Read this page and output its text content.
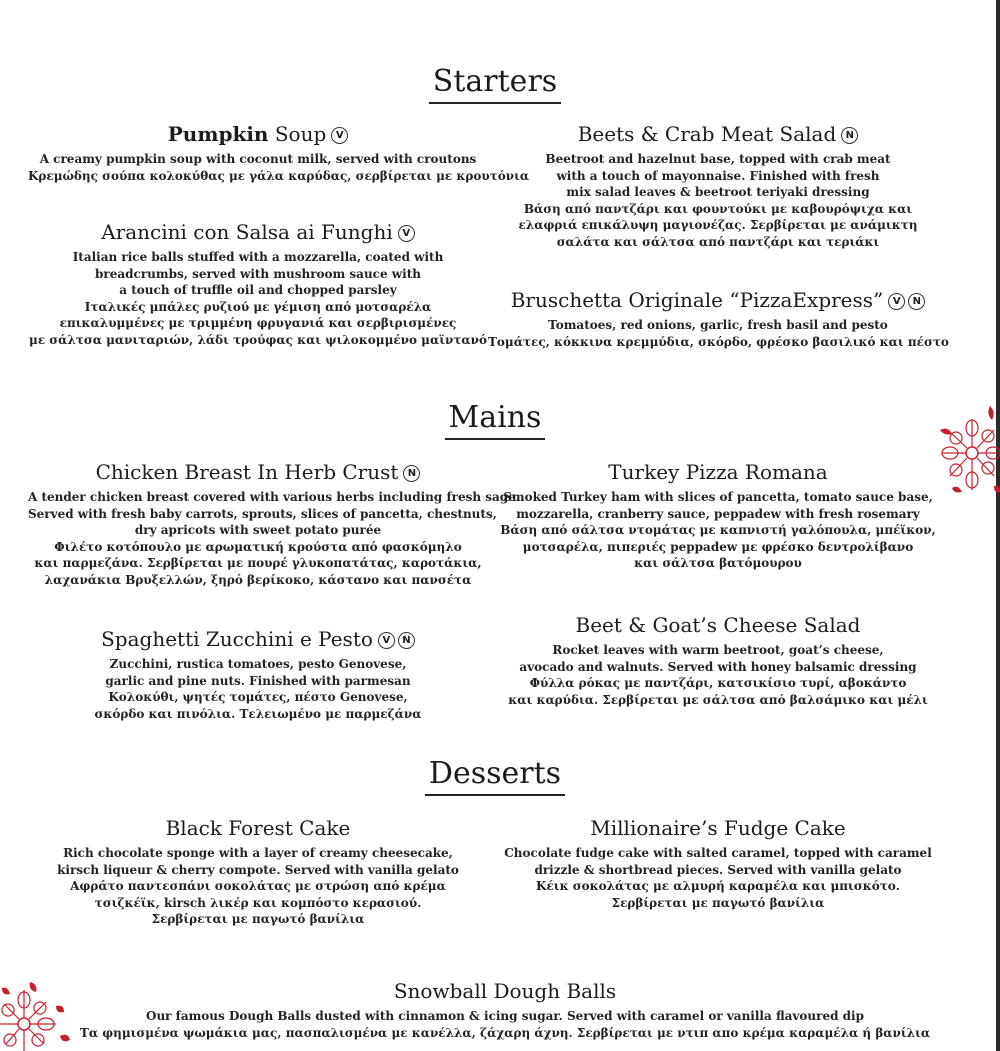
Starters
Pumpkin Soup V
A creamy pumpkin soup with coconut milk, served with croutons
Κρεμώδης σούπα κολοκύθας με γάλα καρύδας, σερβίρεται με κρουτόνια
Beets & Crab Meat Salad N
Beetroot and hazelnut base, topped with crab meat
with a touch of mayonnaise. Finished with fresh
mix salad leaves & beetroot teriyaki dressing
Βάση από παντζάρι και φουντούκι με καβουρόψιχα και
ελαφριά επικάλυψη μαγιονέζας. Σερβίρεται με ανάμικτη
σαλάτα και σάλτσα από παντζάρι και τεριάκι
Arancini con Salsa ai Funghi V
Italian rice balls stuffed with a mozzarella, coated with
breadcrumbs, served with mushroom sauce with
a touch of truffle oil and chopped parsley
Ιταλικές μπάλες ρυζιού με γέμιση από μοτσαρέλα
επικαλυμμένες με τριμμένη φρυγανιά και σερβιρισμένες
με σάλτσα μανιταριών, λάδι τρούφας και ψιλοκομμένο μαϊντανό
Bruschetta Originale “PizzaExpress” V N
Tomatoes, red onions, garlic, fresh basil and pesto
Τομάτες, κόκκινα κρεμμύδια, σκόρδο, φρέσκο βασιλικό και πέστο
Mains
Chicken Breast In Herb Crust N
A tender chicken breast covered with various herbs including fresh sage.
Served with fresh baby carrots, sprouts, slices of pancetta, chestnuts,
dry apricots with sweet potato purée
Φιλέτο κοτόπουλο με αρωματική κρούστα από φασκόμηλο
και παρμεζάνα. Σερβίρεται με πουρέ γλυκοπατάτας, καροτάκια,
λαχανάκια Βρυξελλών, ξηρό βερίκοκο, κάστανο και πανσέτα
Turkey Pizza Romana
Smoked Turkey ham with slices of pancetta, tomato sauce base,
mozzarella, cranberry sauce, peppadew with fresh rosemary
Βάση από σάλτσα ντομάτας με καπνιστή γαλόπουλα, μπέϊκον,
μοτσαρέλα, πιπεριές peppadew με φρέσκο δεντρολίβανο
και σάλτσα βατόμουρου
Spaghetti Zucchini e Pesto V N
Zucchini, rustica tomatoes, pesto Genovese,
garlic and pine nuts. Finished with parmesan
Κολοκύθι, ψητές τομάτες, πέστο Genovese,
σκόρδο και πινόλια. Τελειωμένο με παρμεζάνα
Beet & Goat’s Cheese Salad
Rocket leaves with warm beetroot, goat’s cheese,
avocado and walnuts. Served with honey balsamic dressing
Φύλλα ρόκας με παντζάρι, κατσικίσιο τυρί, αβοκάντο
και καρύδια. Σερβίρεται με σάλτσα από βαλσάμικο και μέλι
Desserts
Black Forest Cake
Rich chocolate sponge with a layer of creamy cheesecake,
kirsch liqueur & cherry compote. Served with vanilla gelato
Αφράτο παντεσπάνι σοκολάτας με στρώση από κρέμα
τσιζκέϊκ, kirsch λικέρ και κομπόστο κερασιού.
Σερβίρεται με παγωτό βανίλια
Millionaire’s Fudge Cake
Chocolate fudge cake with salted caramel, topped with caramel
drizzle & shortbread pieces. Served with vanilla gelato
Κέικ σοκολάτας με αλμυρή καραμέλα και μπισκότο.
Σερβίρεται με παγωτό βανίλια
Snowball Dough Balls
Our famous Dough Balls dusted with cinnamon & icing sugar. Served with caramel or vanilla flavoured dip
Τα φημισμένα ψωμάκια μας, πασπαλισμένα με κανέλλα, ζάχαρη άχνη. Σερβίρεται με ντιπ απο κρέμα καραμέλα ή βανίλια
